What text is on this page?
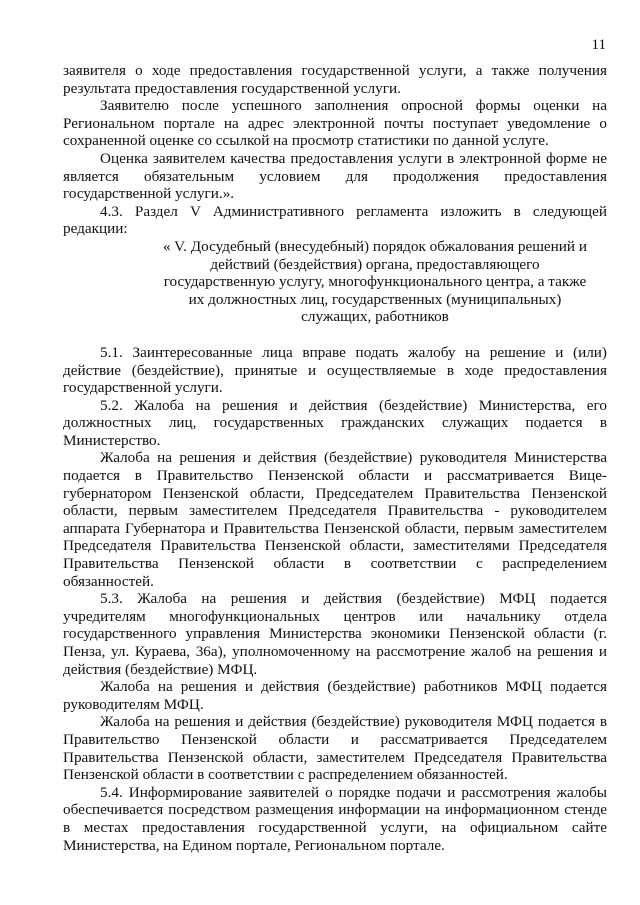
11

заявителя о ходе предоставления государственной услуги, а также получения результата предоставления государственной услуги.

Заявителю после успешного заполнения опросной формы оценки на Региональном портале на адрес электронной почты поступает уведомление о сохраненной оценке со ссылкой на просмотр статистики по данной услуге.

Оценка заявителем качества предоставления услуги в электронной форме не является обязательным условием для продолжения предоставления государственной услуги.».

4.3. Раздел V Административного регламента изложить в следующей редакции:

« V. Досудебный (внесудебный) порядок обжалования решений и действий (бездействия) органа, предоставляющего государственную услугу, многофункционального центра, а также их должностных лиц, государственных (муниципальных) служащих, работников

5.1. Заинтересованные лица вправе подать жалобу на решение и (или) действие (бездействие), принятые и осуществляемые в ходе предоставления государственной услуги.

5.2. Жалоба на решения и действия (бездействие) Министерства, его должностных лиц, государственных гражданских служащих подается в Министерство.

Жалоба на решения и действия (бездействие) руководителя Министерства подается в Правительство Пензенской области и рассматривается Вице-губернатором Пензенской области, Председателем Правительства Пензенской области, первым заместителем Председателя Правительства - руководителем аппарата Губернатора и Правительства Пензенской области, первым заместителем Председателя Правительства Пензенской области, заместителями Председателя Правительства Пензенской области в соответствии с распределением обязанностей.

5.3. Жалоба на решения и действия (бездействие) МФЦ подается учредителям многофункциональных центров или начальнику отдела государственного управления Министерства экономики Пензенской области (г. Пенза, ул. Кураева, 36а), уполномоченному на рассмотрение жалоб на решения и действия (бездействие) МФЦ.

Жалоба на решения и действия (бездействие) работников МФЦ подается руководителям МФЦ.

Жалоба на решения и действия (бездействие) руководителя МФЦ подается в Правительство Пензенской области и рассматривается Председателем Правительства Пензенской области, заместителем Председателя Правительства Пензенской области в соответствии с распределением обязанностей.

5.4. Информирование заявителей о порядке подачи и рассмотрения жалобы обеспечивается посредством размещения информации на информационном стенде в местах предоставления государственной услуги, на официальном сайте Министерства, на Едином портале, Региональном портале.
